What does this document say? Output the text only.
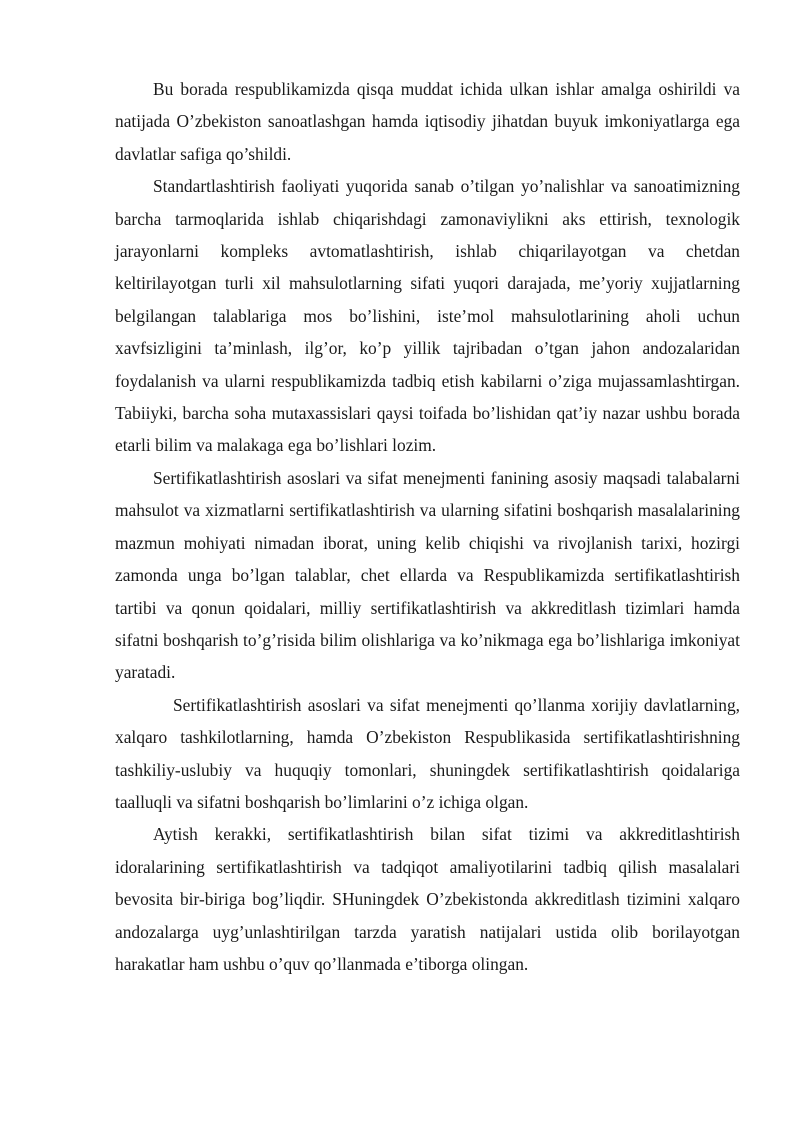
Bu borada respublikamizda qisqa muddat ichida ulkan ishlar amalga oshirildi va natijada O’zbekiston sanoatlashgan hamda iqtisodiy jihatdan buyuk imkoniyatlarga ega davlatlar safiga qo’shildi.

Standartlashtirish faoliyati yuqorida sanab o’tilgan yo’nalishlar va sanoatimizning barcha tarmoqlarida ishlab chiqarishdagi zamonaviylikni aks ettirish, texnologik jarayonlarni kompleks avtomatlashtirish, ishlab chiqarilayotgan va chetdan keltirilayotgan turli xil mahsulotlarning sifati yuqori darajada, me’yoriy xujjatlarning belgilangan talablariga mos bo’lishini, iste’mol mahsulotlarining aholi uchun xavfsizligini ta’minlash, ilg’or, ko’p yillik tajribadan o’tgan jahon andozalaridan foydalanish va ularni respublikamizda tadbiq etish kabilarni o’ziga mujassamlashtirgan. Tabiiyki, barcha soha mutaxassislari qaysi toifada bo’lishidan qat’iy nazar ushbu borada etarli bilim va malakaga ega bo’lishlari lozim.

Sertifikatlashtirish asoslari va sifat menejmenti fanining asosiy maqsadi talabalarni mahsulot va xizmatlarni sertifikatlashtirish va ularning sifatini boshqarish masalalarining mazmun mohiyati nimadan iborat, uning kelib chiqishi va rivojlanish tarixi, hozirgi zamonda unga bo’lgan talablar, chet ellarda va Respublikamizda sertifikatlashtirish tartibi va qonun qoidalari, milliy sertifikatlashtirish va akkreditlash tizimlari hamda sifatni boshqarish to’g’risida bilim olishlariga va ko’nikmaga ega bo’lishlariga imkoniyat yaratadi.

Sertifikatlashtirish asoslari va sifat menejmenti qo’llanma xorijiy davlatlarning, xalqaro tashkilotlarning, hamda O’zbekiston Respublikasida sertifikatlashtirishning tashkiliy-uslubiy va huquqiy tomonlari, shuningdek sertifikatlashtirish qoidalariga taalluqli va sifatni boshqarish bo’limlarini o’z ichiga olgan.

Aytish kerakki, sertifikatlashtirish bilan sifat tizimi va akkreditlashtirish idoralarining sertifikatlashtirish va tadqiqot amaliyotilarini tadbiq qilish masalalari bevosita bir-biriga bog’liqdir. SHuningdek O’zbekistonda akkreditlash tizimini xalqaro andozalarga uyg’unlashtirilgan tarzda yaratish natijalari ustida olib borilayotgan harakatlar ham ushbu o’quv qo’llanmada e’tiborga olingan.
